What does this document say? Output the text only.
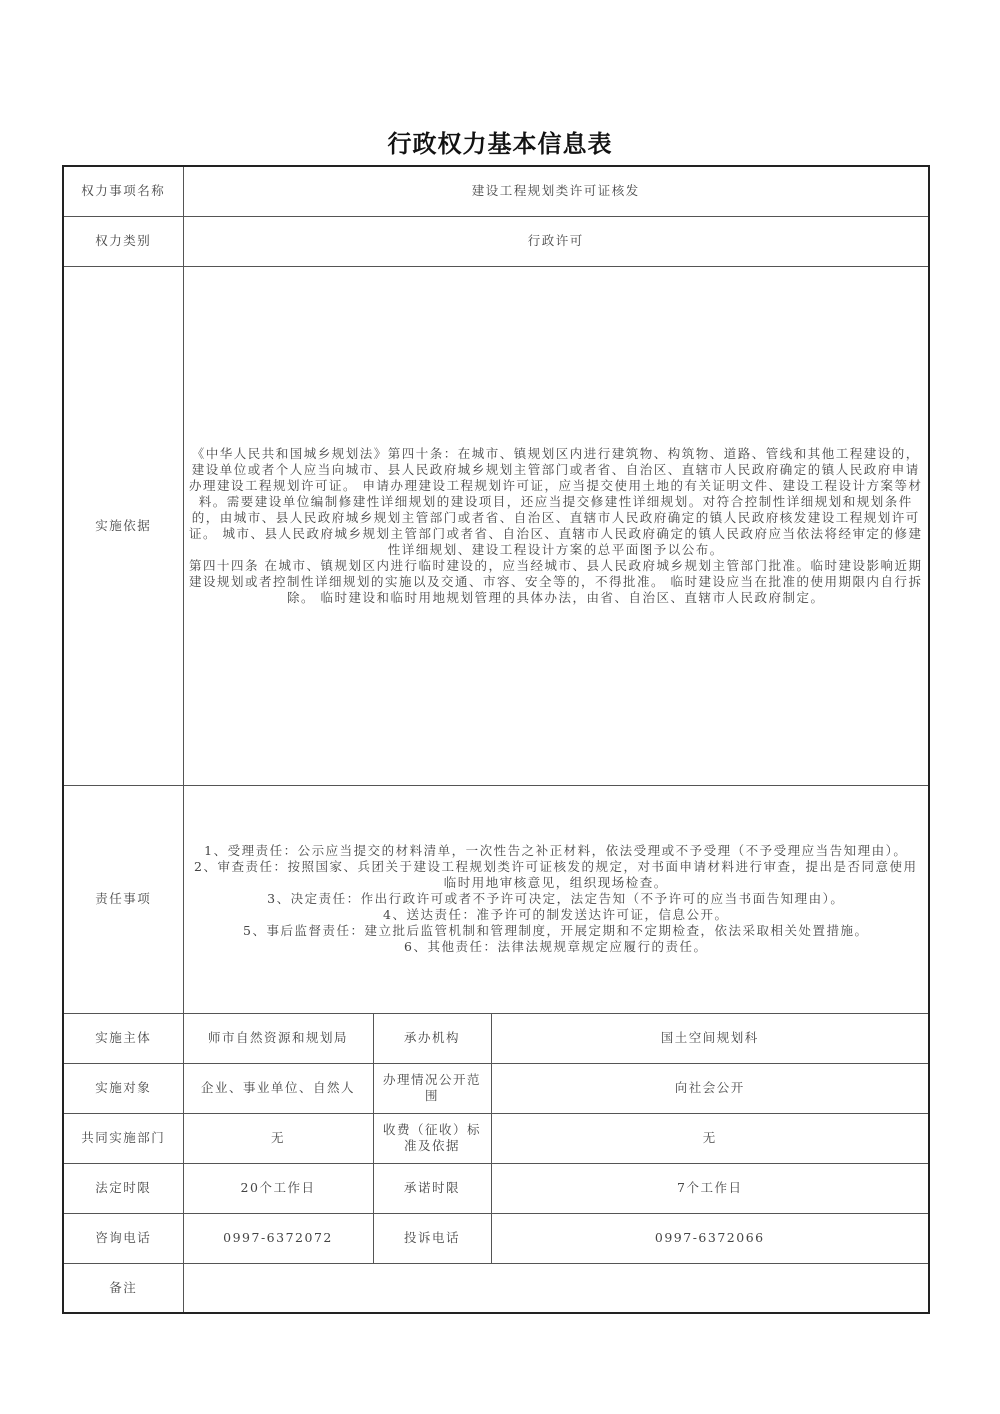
行政权力基本信息表
权力事项名称	建设工程规划类许可证核发		
权力类别	行政许可		
实施依据	《中华人民共和国城乡规划法》第四十条：在城市、镇规划区内进行建筑物、构筑物、道路、管线和其他工程建设的，建设单位或者个人应当向城市、县人民政府城乡规划主管部门或者省、自治区、直辖市人民政府确定的镇人民政府申请办理建设工程规划许可证。 申请办理建设工程规划许可证，应当提交使用土地的有关证明文件、建设工程设计方案等材料。需要建设单位编制修建性详细规划的建设项目，还应当提交修建性详细规划。对符合控制性详细规划和规划条件的，由城市、县人民政府城乡规划主管部门或者省、自治区、直辖市人民政府确定的镇人民政府核发建设工程规划许可证。 城市、县人民政府城乡规划主管部门或者省、自治区、直辖市人民政府确定的镇人民政府应当依法将经审定的修建性详细规划、建设工程设计方案的总平面图予以公布。

第四十四条 在城市、镇规划区内进行临时建设的，应当经城市、县人民政府城乡规划主管部门批准。临时建设影响近期建设规划或者控制性详细规划的实施以及交通、市容、安全等的，不得批准。 临时建设应当在批准的使用期限内自行拆除。 临时建设和临时用地规划管理的具体办法，由省、自治区、直辖市人民政府制定。		

责任事项	

1、受理责任：公示应当提交的材料清单，一次性告之补正材料，依法受理或不予受理（不予受理应当告知理由）。

2、审查责任：按照国家、兵团关于建设工程规划类许可证核发的规定，对书面申请材料进行审查，提出是否同意使用临时用地审核意见，组织现场检查。

3、决定责任：作出行政许可或者不予许可决定，法定告知（不予许可的应当书面告知理由）。

4、送达责任：准予许可的制发送达许可证，信息公开。

5、事后监督责任：建立批后监管机制和管理制度，开展定期和不定期检查，依法采取相关处置措施。

6、其他责任：法律法规规章规定应履行的责任。

实施主体	师市自然资源和规划局	承办机构	国土空间规划科
实施对象	企业、事业单位、自然人	办理情况公开范围	向社会公开
共同实施部门	无	收费（征收）标准及依据	无
法定时限	20个工作日	承诺时限	7个工作日
咨询电话	0997-6372072	投诉电话	0997-6372066
备注			
